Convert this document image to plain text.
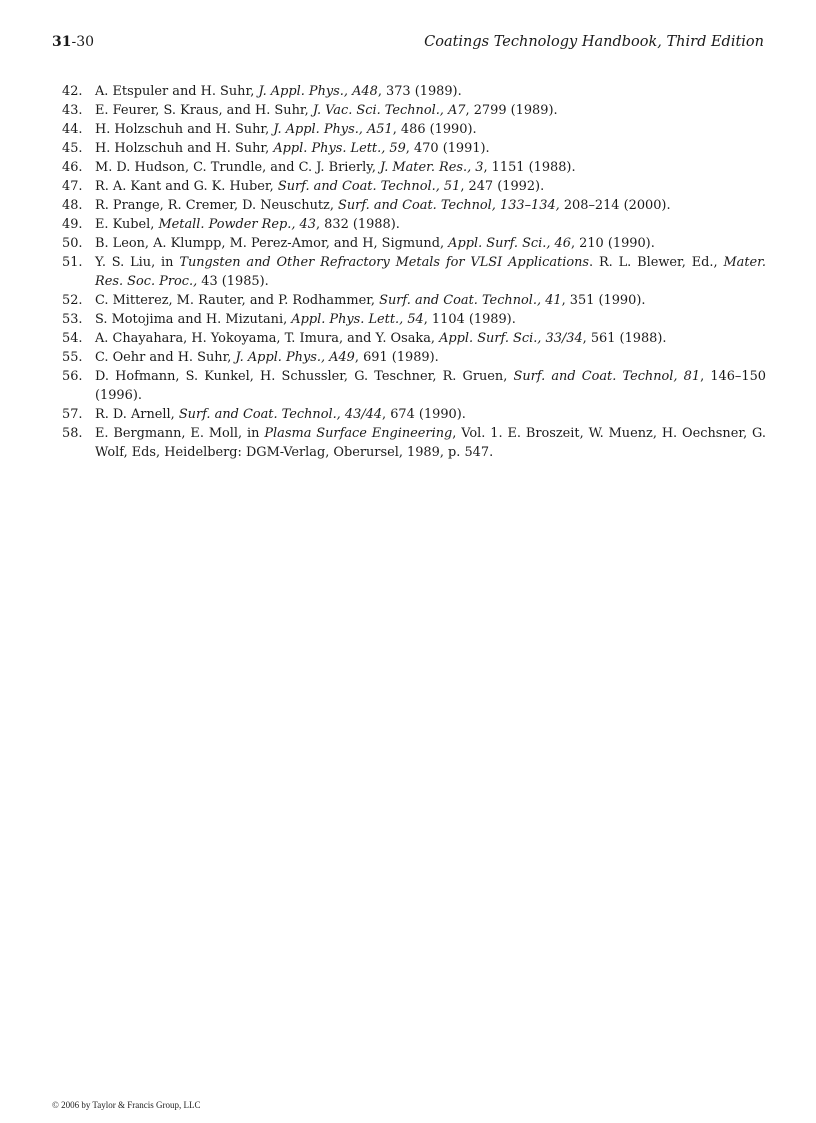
31-30	Coatings Technology Handbook, Third Edition
42. A. Etspuler and H. Suhr, J. Appl. Phys., A48, 373 (1989).
43. E. Feurer, S. Kraus, and H. Suhr, J. Vac. Sci. Technol., A7, 2799 (1989).
44. H. Holzschuh and H. Suhr, J. Appl. Phys., A51, 486 (1990).
45. H. Holzschuh and H. Suhr, Appl. Phys. Lett., 59, 470 (1991).
46. M. D. Hudson, C. Trundle, and C. J. Brierly, J. Mater. Res., 3, 1151 (1988).
47. R. A. Kant and G. K. Huber, Surf. and Coat. Technol., 51, 247 (1992).
48. R. Prange, R. Cremer, D. Neuschutz, Surf. and Coat. Technol, 133–134, 208–214 (2000).
49. E. Kubel, Metall. Powder Rep., 43, 832 (1988).
50. B. Leon, A. Klumpp, M. Perez-Amor, and H, Sigmund, Appl. Surf. Sci., 46, 210 (1990).
51. Y. S. Liu, in Tungsten and Other Refractory Metals for VLSI Applications. R. L. Blewer, Ed., Mater. Res. Soc. Proc., 43 (1985).
52. C. Mitterez, M. Rauter, and P. Rodhammer, Surf. and Coat. Technol., 41, 351 (1990).
53. S. Motojima and H. Mizutani, Appl. Phys. Lett., 54, 1104 (1989).
54. A. Chayahara, H. Yokoyama, T. Imura, and Y. Osaka, Appl. Surf. Sci., 33/34, 561 (1988).
55. C. Oehr and H. Suhr, J. Appl. Phys., A49, 691 (1989).
56. D. Hofmann, S. Kunkel, H. Schussler, G. Teschner, R. Gruen, Surf. and Coat. Technol, 81, 146–150 (1996).
57. R. D. Arnell, Surf. and Coat. Technol., 43/44, 674 (1990).
58. E. Bergmann, E. Moll, in Plasma Surface Engineering, Vol. 1. E. Broszeit, W. Muenz, H. Oechsner, G. Wolf, Eds, Heidelberg: DGM-Verlag, Oberursel, 1989, p. 547.
© 2006 by Taylor & Francis Group, LLC
